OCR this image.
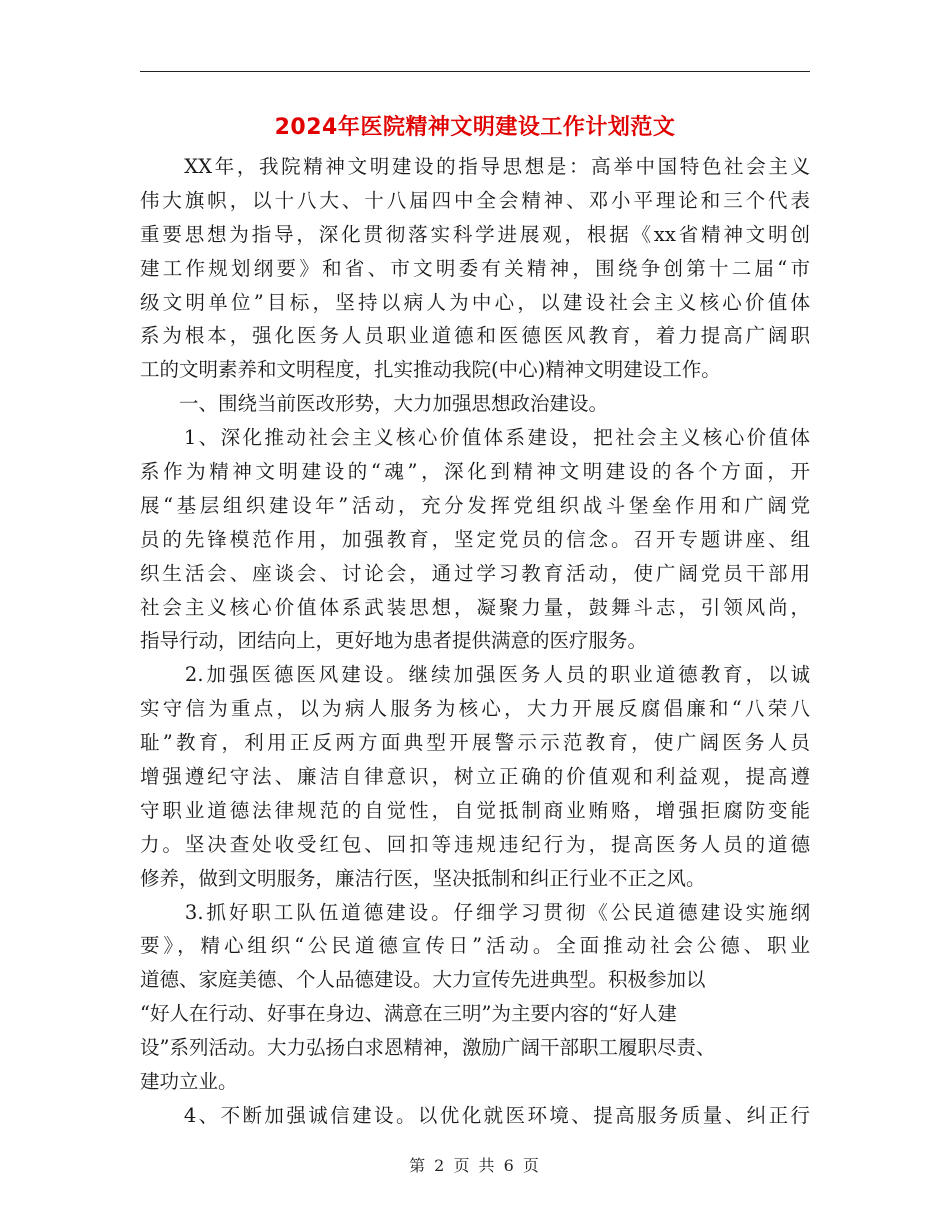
2024年医院精神文明建设工作计划范文
　　XX年，我院精神文明建设的指导思想是：高举中国特色社会主义
伟大旗帜，以十八大、十八届四中全会精神、邓小平理论和三个代表
重要思想为指导，深化贯彻落实科学进展观，根据《xx省精神文明创
建工作规划纲要》和省、市文明委有关精神，围绕争创第十二届“市
级文明单位”目标，坚持以病人为中心，以建设社会主义核心价值体
系为根本，强化医务人员职业道德和医德医风教育，着力提高广阔职
工的文明素养和文明程度，扎实推动我院(中心)精神文明建设工作。
　　一、围绕当前医改形势，大力加强思想政治建设。
　　1、深化推动社会主义核心价值体系建设，把社会主义核心价值体
系作为精神文明建设的“魂”，深化到精神文明建设的各个方面，开
展“基层组织建设年”活动，充分发挥党组织战斗堡垒作用和广阔党
员的先锋模范作用，加强教育，坚定党员的信念。召开专题讲座、组
织生活会、座谈会、讨论会，通过学习教育活动，使广阔党员干部用
社会主义核心价值体系武装思想，凝聚力量，鼓舞斗志，引领风尚，
指导行动，团结向上，更好地为患者提供满意的医疗服务。
　　2.加强医德医风建设。继续加强医务人员的职业道德教育，以诚
实守信为重点，以为病人服务为核心，大力开展反腐倡廉和“八荣八
耻”教育，利用正反两方面典型开展警示示范教育，使广阔医务人员
增强遵纪守法、廉洁自律意识，树立正确的价值观和利益观，提高遵
守职业道德法律规范的自觉性，自觉抵制商业贿赂，增强拒腐防变能
力。坚决查处收受红包、回扣等违规违纪行为，提高医务人员的道德
修养，做到文明服务，廉洁行医，坚决抵制和纠正行业不正之风。
　　3.抓好职工队伍道德建设。仔细学习贯彻《公民道德建设实施纲
要》，精心组织“公民道德宣传日”活动。全面推动社会公德、职业
道德、家庭美德、个人品德建设。大力宣传先进典型。积极参加以
“好人在行动、好事在身边、满意在三明”为主要内容的“好人建
设”系列活动。大力弘扬白求恩精神，激励广阔干部职工履职尽责、
建功立业。
　　4、不断加强诚信建设。以优化就医环境、提高服务质量、纠正行
第 2 页 共 6 页
